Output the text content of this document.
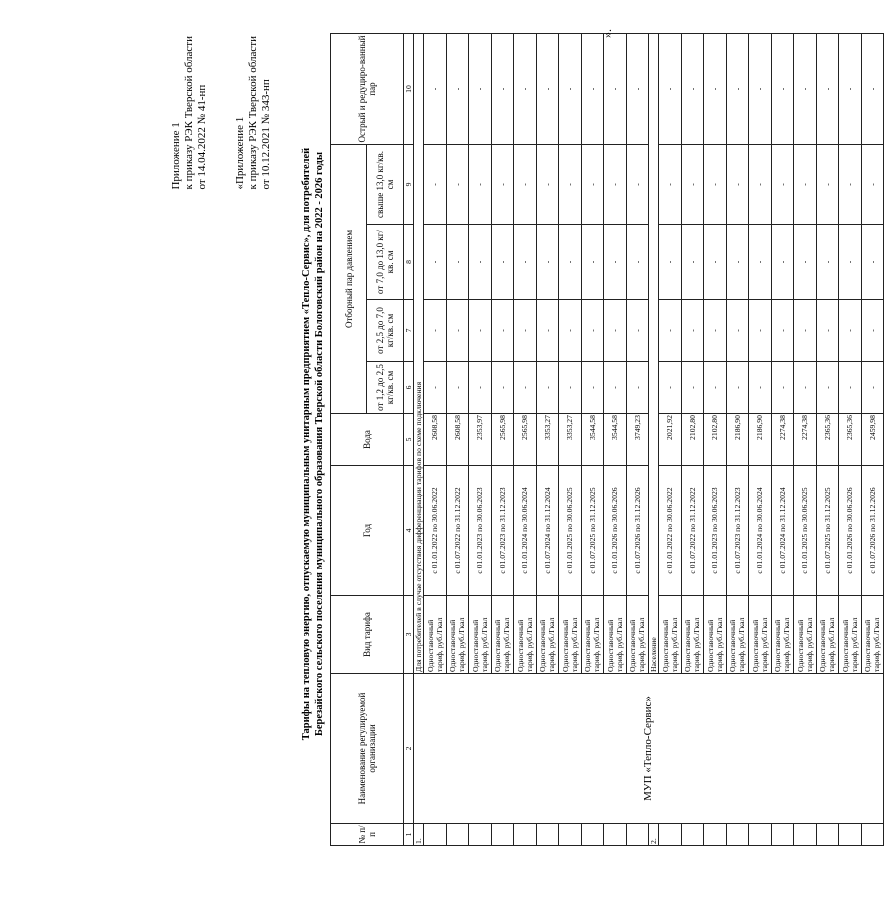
Приложение 1 к приказу РЭК Тверской области от 14.04.2022 № 41-нп «Приложение 1 к приказу РЭК Тверской области от 10.12.2021 № 343-нп
Тарифы на тепловую энергию, отпускаемую муниципальным унитарным предприятием «Тепло-Сервис», для потребителей Березайского сельского поселения муниципального образования Тверской области Бологовский район на 2022 - 2026 годы
№ п/ п	Наименование регулируемой организации	Вид тарифа	Год	Вода	Отборный пар давлением				Острый и редуциро-ванный пар
					от 1,2 до 2,5 кг/кв. см	от 2,5 до 7,0 кг/кв. см	от 7,0 до 13,0 кг/кв. см	свыше 13,0 кг/кв. см	
1	2	3	4	5	6	7	8	9	10
1.	МУП «Тепло-Сервис»	Для потребителей в случае отсутствия дифференциации тарифов по схеме подключения							

		Одноставочный тариф, руб./Гкал	с 01.01.2022 по 30.06.2022	2608,58	-	-	-	-	-

		Одноставочный тариф, руб./Гкал	с 01.07.2022 по 31.12.2022	2608,58	-	-	-	-	-

		Одноставочный тариф, руб./Гкал	с 01.01.2023 по 30.06.2023	2353,97	-	-	-	-	-

		Одноставочный тариф, руб./Гкал	с 01.07.2023 по 31.12.2023	2565,98	-	-	-	-	-

		Одноставочный тариф, руб./Гкал	с 01.01.2024 по 30.06.2024	2565,98	-	-	-	-	-

		Одноставочный тариф, руб./Гкал	с 01.07.2024 по 31.12.2024	3353,27	-	-	-	-	-

		Одноставочный тариф, руб./Гкал	с 01.01.2025 по 30.06.2025	3353,27	-	-	-	-	-

		Одноставочный тариф, руб./Гкал	с 01.07.2025 по 31.12.2025	3544,58	-	-	-	-	-

		Одноставочный тариф, руб./Гкал	с 01.01.2026 по 30.06.2026	3544,58	-	-	-	-	-

		Одноставочный тариф, руб./Гкал	с 01.07.2026 по 31.12.2026	3749,23	-	-	-	-	-
2.		Население							

		Одноставочный тариф, руб./Гкал	с 01.01.2022 по 30.06.2022	2021,92	-	-	-	-	-

		Одноставочный тариф, руб./Гкал	с 01.07.2022 по 31.12.2022	2102,80	-	-	-	-	-

		Одноставочный тариф, руб./Гкал	с 01.01.2023 по 30.06.2023	2102,80	-	-	-	-	-

		Одноставочный тариф, руб./Гкал	с 01.07.2023 по 31.12.2023	2186,90	-	-	-	-	-

		Одноставочный тариф, руб./Гкал	с 01.01.2024 по 30.06.2024	2186,90	-	-	-	-	-

		Одноставочный тариф, руб./Гкал	с 01.07.2024 по 31.12.2024	2274,38	-	-	-	-	-

		Одноставочный тариф, руб./Гкал	с 01.01.2025 по 30.06.2025	2274,38	-	-	-	-	-

		Одноставочный тариф, руб./Гкал	с 01.07.2025 по 31.12.2025	2365,36	-	-	-	-	-

		Одноставочный тариф, руб./Гкал	с 01.01.2026 по 30.06.2026	2365,36	-	-	-	-	-

		Одноставочный тариф, руб./Гкал	с 01.07.2026 по 31.12.2026	2459,98	-	-	-	-	-
».
